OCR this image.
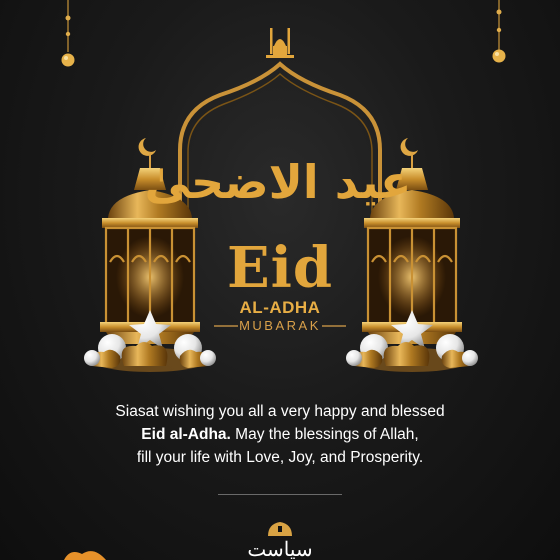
عید الاضحیٰ
Eid
AL-ADHA
MUBARAK
Siasat wishing you all a very happy and blessed
Eid al-Adha. May the blessings of Allah,
fill your life with Love, Joy, and Prosperity.
سیاست
